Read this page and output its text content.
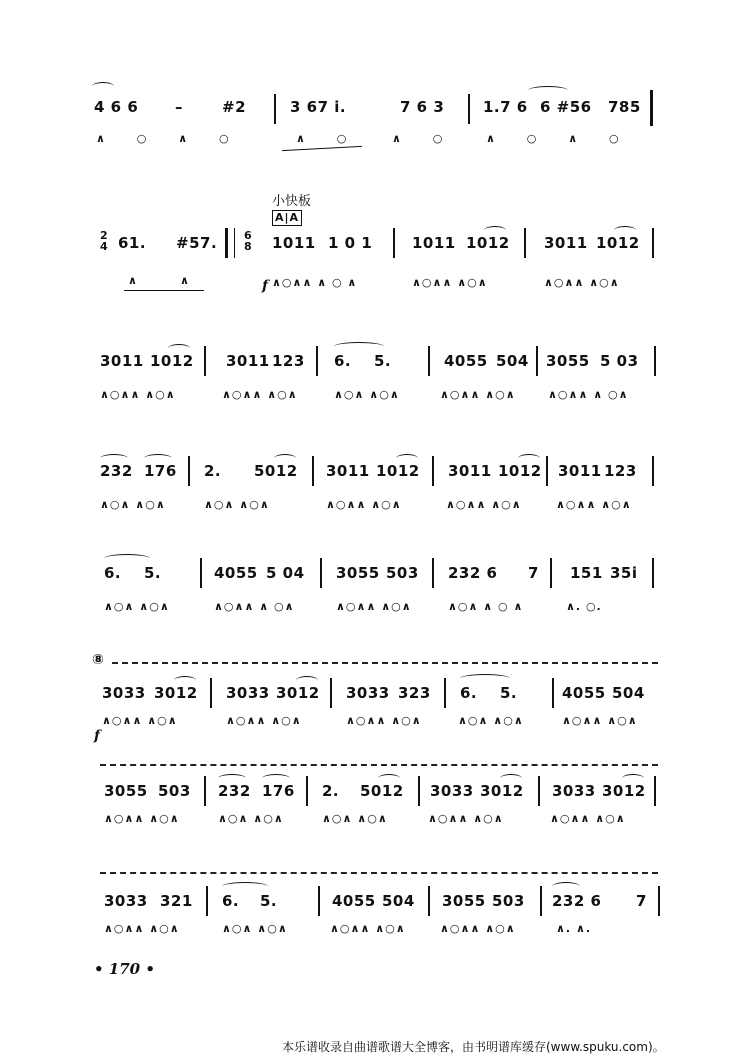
4 6 6 –	#2	3 67 i.	7 6 3	1.7 6 6 #56 785
∧ ○ ∧ ○	∧ ○	∧ ○	∧ ○ ∧ ○
小快板
A|A
2
4 61. #57. 6
8 1011 1 0 1	1011 1012 3011 1012
∧	∧	f ∧○∧∧ ∧ ○ ∧	∧○∧∧ ∧○∧	∧○∧∧ ∧○∧
3011 1012 3011 123 6. 5.	4055 504 3055 5 03
∧○∧∧ ∧○∧	∧○∧∧ ∧○∧	∧○∧ ∧○∧	∧○∧∧ ∧○∧	∧○∧∧ ∧ ○∧
232 176 2. 5012 3011 1012 3011 1012 3011 123
∧○∧ ∧○∧	∧○∧ ∧○∧	∧○∧∧ ∧○∧	∧○∧∧ ∧○∧	∧○∧∧ ∧○∧
6. 5.	4055 5 04 3055 503 232 6 7 151 35i
∧○∧ ∧○∧	∧○∧∧ ∧ ○∧	∧○∧∧ ∧○∧	∧○∧ ∧ ○ ∧	∧. ○.
⑧
3033 3012 3033 3012 3033 323 6. 5.	4055 504
∧○∧∧ ∧○∧	∧○∧∧ ∧○∧	∧○∧∧ ∧○∧	∧○∧ ∧○∧	∧○∧∧ ∧○∧
f
3055 503 232 176 2. 5012 3033 3012 3033 3012
∧○∧∧ ∧○∧	∧○∧ ∧○∧	∧○∧ ∧○∧	∧○∧∧ ∧○∧	∧○∧∧ ∧○∧
3033 321 6. 5.	4055 504 3055 503 232 6 7
∧○∧∧ ∧○∧	∧○∧ ∧○∧	∧○∧∧ ∧○∧	∧○∧∧ ∧○∧	∧. ∧.
• 170 •
本乐谱收录自曲谱歌谱大全博客，由书明谱库缓存(www.spuku.com)。
